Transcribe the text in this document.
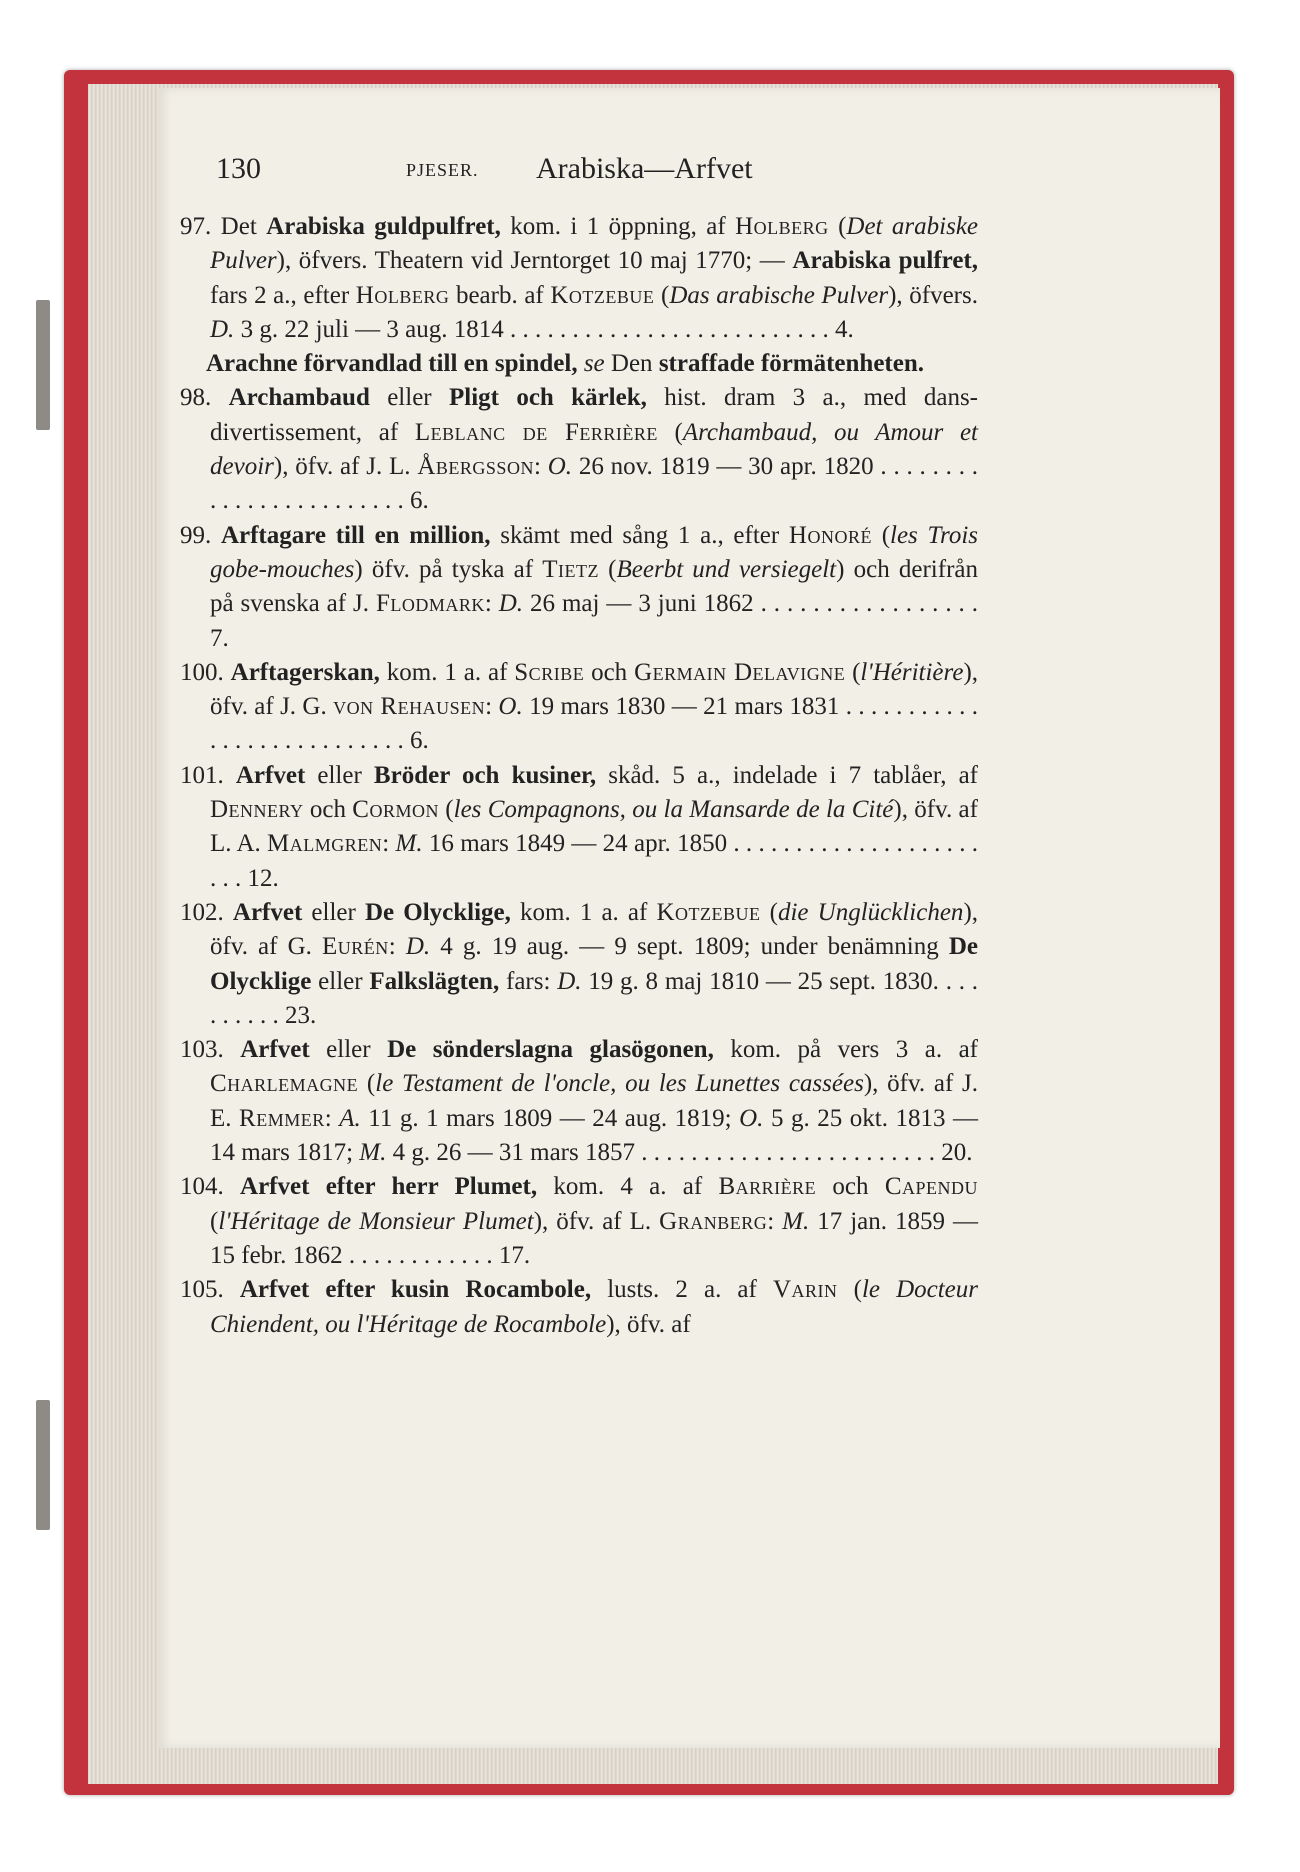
130	PJESER. Arabiska—Arfvet
97. Det Arabiska guldpulfret, kom. i 1 öppning, af Holberg (Det arabiske Pulver), öfvers. Theatern vid Jerntorget 10 maj 1770; — Arabiska pulfret, fars 2 a., efter Holberg bearb. af Kotzebue (Das arabische Pulver), öfvers. D. 3 g. 22 juli — 3 aug. 1814 . . . . . . . . . . . . . . . . . . . . . . . . . . 4.
Arachne förvandlad till en spindel, se Den straffade förmätenheten.
98. Archambaud eller Pligt och kärlek, hist. dram 3 a., med dans-divertissement, af Leblanc de Ferrière (Archambaud, ou Amour et devoir), öfv. af J. L. Åbergsson: O. 26 nov. 1819 — 30 apr. 1820 . . . . . . . . . . . . . . . . . . . . . . . . 6.
99. Arftagare till en million, skämt med sång 1 a., efter Honoré (les Trois gobe-mouches) öfv. på tyska af Tietz (Beerbt und versiegelt) och derifrån på svenska af J. Flodmark: D. 26 maj — 3 juni 1862 . . . . . . . . . . . . . . . . . 7.
100. Arftagerskan, kom. 1 a. af Scribe och Germain Delavigne (l'Héritière), öfv. af J. G. von Rehausen: O. 19 mars 1830 — 21 mars 1831 . . . . . . . . . . . . . . . . . . . . . . . . . . . 6.
101. Arfvet eller Bröder och kusiner, skåd. 5 a., indelade i 7 tablåer, af Dennery och Cormon (les Compagnons, ou la Mansarde de la Cité), öfv. af L. A. Malmgren: M. 16 mars 1849 — 24 apr. 1850 . . . . . . . . . . . . . . . . . . . . . . . 12.
102. Arfvet eller De Olycklige, kom. 1 a. af Kotzebue (die Unglücklichen), öfv. af G. Eurén: D. 4 g. 19 aug. — 9 sept. 1809; under benämning De Olycklige eller Falkslägten, fars: D. 19 g. 8 maj 1810 — 25 sept. 1830. . . . . . . . . . 23.
103. Arfvet eller De sönderslagna glasögonen, kom. på vers 3 a. af Charlemagne (le Testament de l'oncle, ou les Lunettes cassées), öfv. af J. E. Remmer: A. 11 g. 1 mars 1809 — 24 aug. 1819; O. 5 g. 25 okt. 1813 — 14 mars 1817; M. 4 g. 26 — 31 mars 1857 . . . . . . . . . . . . . . . . . . . . . . . . 20.
104. Arfvet efter herr Plumet, kom. 4 a. af Barrière och Capendu (l'Héritage de Monsieur Plumet), öfv. af L. Granberg: M. 17 jan. 1859 — 15 febr. 1862 . . . . . . . . . . . . 17.
105. Arfvet efter kusin Rocambole, lusts. 2 a. af Varin (le Docteur Chiendent, ou l'Héritage de Rocambole), öfv. af
